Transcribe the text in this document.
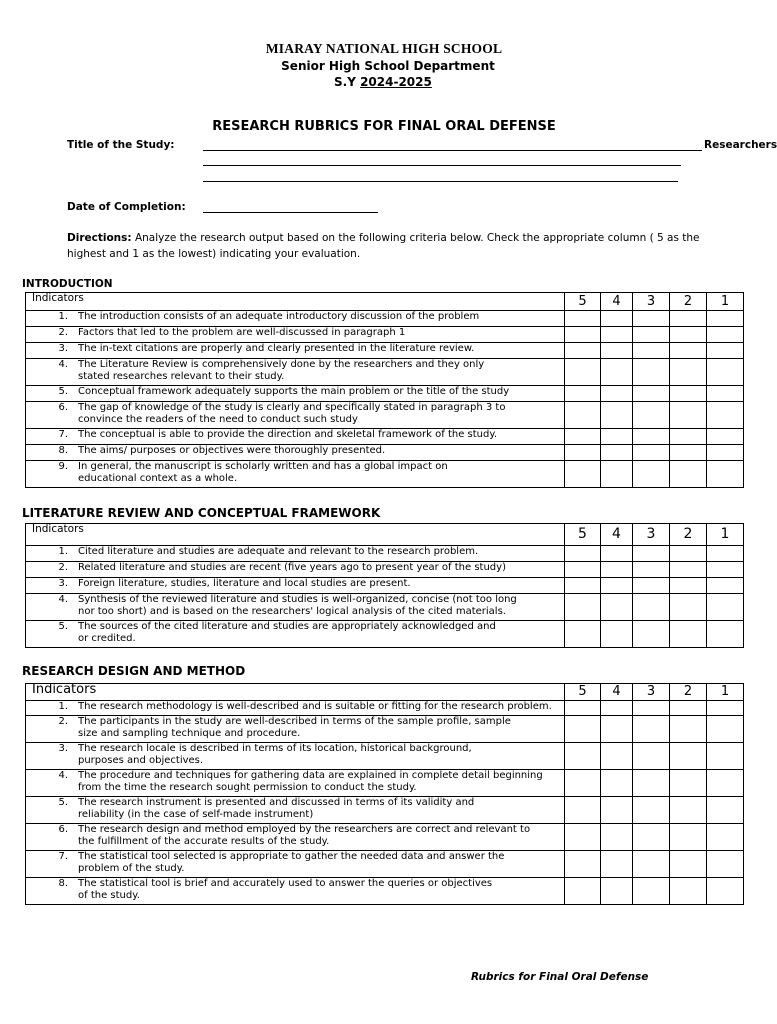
MIARAY NATIONAL HIGH SCHOOL
Senior High School Department
S.Y 2024-2025
RESEARCH RUBRICS FOR FINAL ORAL DEFENSE
Title of the Study:	Researchers
Date of Completion:
Directions: Analyze the research output based on the following criteria below. Check the appropriate column ( 5 as the highest and 1 as the lowest) indicating your evaluation.
INTRODUCTION
Indicators	5	4	3	2	1

1. The introduction consists of an adequate introductory discussion of the problem					

2. Factors that led to the problem are well-discussed in paragraph 1					

3. The in-text citations are properly and clearly presented in the literature review.					

4. The Literature Review is comprehensively done by the researchers and they only stated researches relevant to their study.					

5. Conceptual framework adequately supports the main problem or the title of the study					

6. The gap of knowledge of the study is clearly and specifically stated in paragraph 3 to convince the readers of the need to conduct such study					

7. The conceptual is able to provide the direction and skeletal framework of the study.					

8. The aims/ purposes or objectives were thoroughly presented.					

9. In general, the manuscript is scholarly written and has a global impact on educational context as a whole.					

LITERATURE REVIEW AND CONCEPTUAL FRAMEWORK
Indicators	5	4	3	2	1

1. Cited literature and studies are adequate and relevant to the research problem.					

2. Related literature and studies are recent (five years ago to present year of the study)					

3. Foreign literature, studies, literature and local studies are present.					

4. Synthesis of the reviewed literature and studies is well-organized, concise (not too long nor too short) and is based on the researchers' logical analysis of the cited materials.					

5. The sources of the cited literature and studies are appropriately acknowledged and or credited.					

RESEARCH DESIGN AND METHOD
Indicators	5	4	3	2	1

1. The research methodology is well-described and is suitable or fitting for the research problem.					

2. The participants in the study are well-described in terms of the sample profile, sample size and sampling technique and procedure.					

3. The research locale is described in terms of its location, historical background, purposes and objectives.					

4. The procedure and techniques for gathering data are explained in complete detail beginning from the time the research sought permission to conduct the study.					

5. The research instrument is presented and discussed in terms of its validity and reliability (in the case of self-made instrument)					

6. The research design and method employed by the researchers are correct and relevant to the fulfillment of the accurate results of the study.					

7. The statistical tool selected is appropriate to gather the needed data and answer the problem of the study.					

8. The statistical tool is brief and accurately used to answer the queries or objectives of the study.					

Rubrics for Final Oral Defense
